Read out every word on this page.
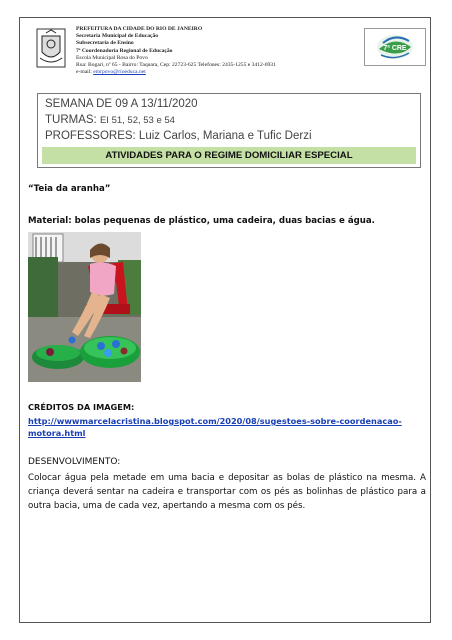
PREFEITURA DA CIDADE DO RIO DE JANEIRO
Secretaria Municipal de Educação
Subsecretaria de Ensino
7ª Coordenadoria Regional de Educação
Escola Municipal Rosa do Povo
Rua: Bogari, nº 65 - Bairro: Taquara, Cep: 22723-625 Telefones: 2435-1255 e 3412-6931
e-mail: emrpovo@rioeduca.net
7ª CRE
SEMANA DE 09 A 13/11/2020
TURMAS: EI 51, 52, 53 e 54
PROFESSORES: Luiz Carlos, Mariana e Tufic Derzi
ATIVIDADES PARA O REGIME DOMICILIAR ESPECIAL
“Teia da aranha”
Material: bolas pequenas de plástico, uma cadeira, duas bacias e água.
CRÉDITOS DA IMAGEM:
http://wwwmarcelacristina.blogspot.com/2020/08/sugestoes-sobre-coordenacao-motora.html
DESENVOLVIMENTO:
Colocar água pela metade em uma bacia e depositar as bolas de plástico na mesma. A criança deverá sentar na cadeira e transportar com os pés as bolinhas de plástico para a outra bacia, uma de cada vez, apertando a mesma com os pés.
